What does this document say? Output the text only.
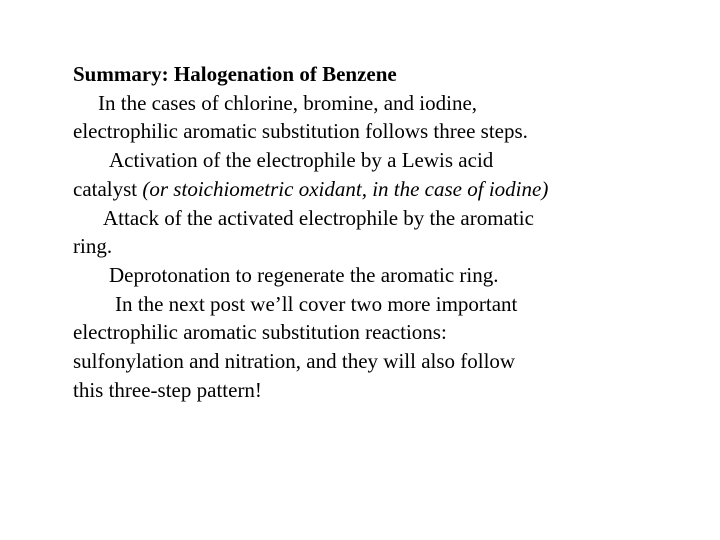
Summary: Halogenation of Benzene
In the cases of chlorine, bromine, and iodine,
electrophilic aromatic substitution follows three steps.
Activation of the electrophile by a Lewis acid
catalyst (or stoichiometric oxidant, in the case of iodine)
Attack of the activated electrophile by the aromatic
ring.
Deprotonation to regenerate the aromatic ring.
In the next post we’ll cover two more important
electrophilic aromatic substitution reactions:
sulfonylation and nitration, and they will also follow
this three-step pattern!
